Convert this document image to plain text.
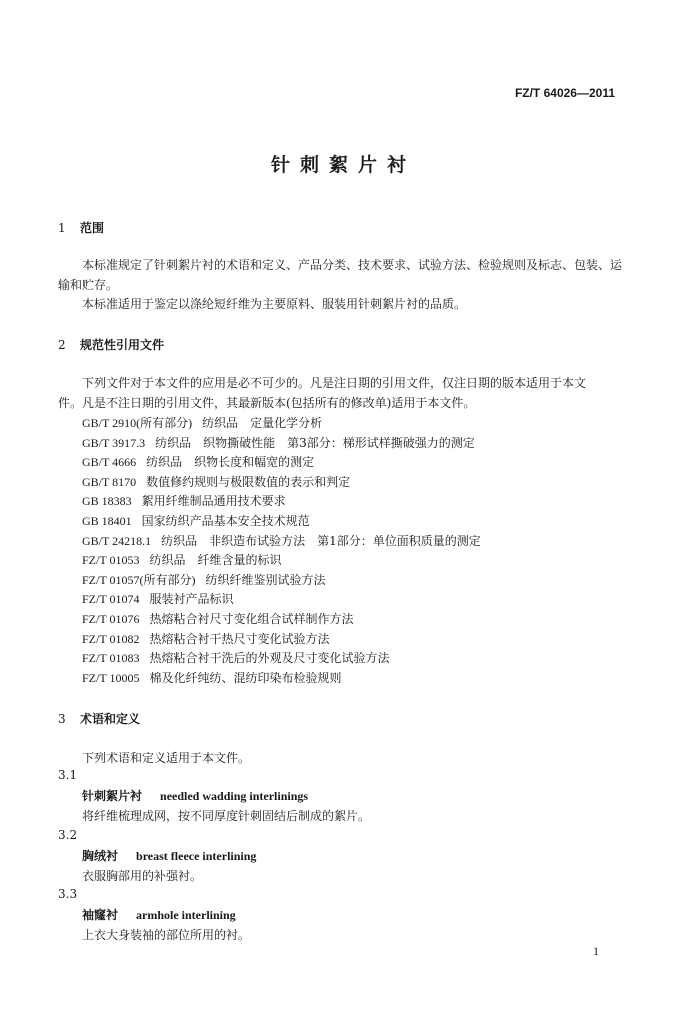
FZ/T 64026—2011
针刺絮片衬
1 范围

本标准规定了针刺絮片衬的术语和定义、产品分类、技术要求、试验方法、检验规则及标志、包装、运

输和贮存。

本标准适用于鉴定以涤纶短纤维为主要原料、服装用针刺絮片衬的品质。

2 规范性引用文件

下列文件对于本文件的应用是必不可少的。凡是注日期的引用文件，仅注日期的版本适用于本文

件。凡是不注日期的引用文件，其最新版本(包括所有的修改单)适用于本文件。

GB/T 2910(所有部分) 纺织品　定量化学分析
GB/T 3917.3 纺织品　织物撕破性能　第3部分：梯形试样撕破强力的测定
GB/T 4666 纺织品　织物长度和幅宽的测定
GB/T 8170 数值修约规则与极限数值的表示和判定
GB 18383 絮用纤维制品通用技术要求
GB 18401 国家纺织产品基本安全技术规范
GB/T 24218.1 纺织品　非织造布试验方法　第1部分：单位面积质量的测定
FZ/T 01053 纺织品　纤维含量的标识
FZ/T 01057(所有部分) 纺织纤维鉴别试验方法
FZ/T 01074 服装衬产品标识
FZ/T 01076 热熔粘合衬尺寸变化组合试样制作方法
FZ/T 01082 热熔粘合衬干热尺寸变化试验方法
FZ/T 01083 热熔粘合衬干洗后的外观及尺寸变化试验方法
FZ/T 10005 棉及化纤纯纺、混纺印染布检验规则
3 术语和定义
下列术语和定义适用于本文件。
3.1
针刺絮片衬 needled wadding interlinings
将纤维梳理成网，按不同厚度针刺固结后制成的絮片。
3.2
胸绒衬 breast fleece interlining
衣服胸部用的补强衬。
3.3
袖窿衬 armhole interlining
上衣大身装袖的部位所用的衬。
1
